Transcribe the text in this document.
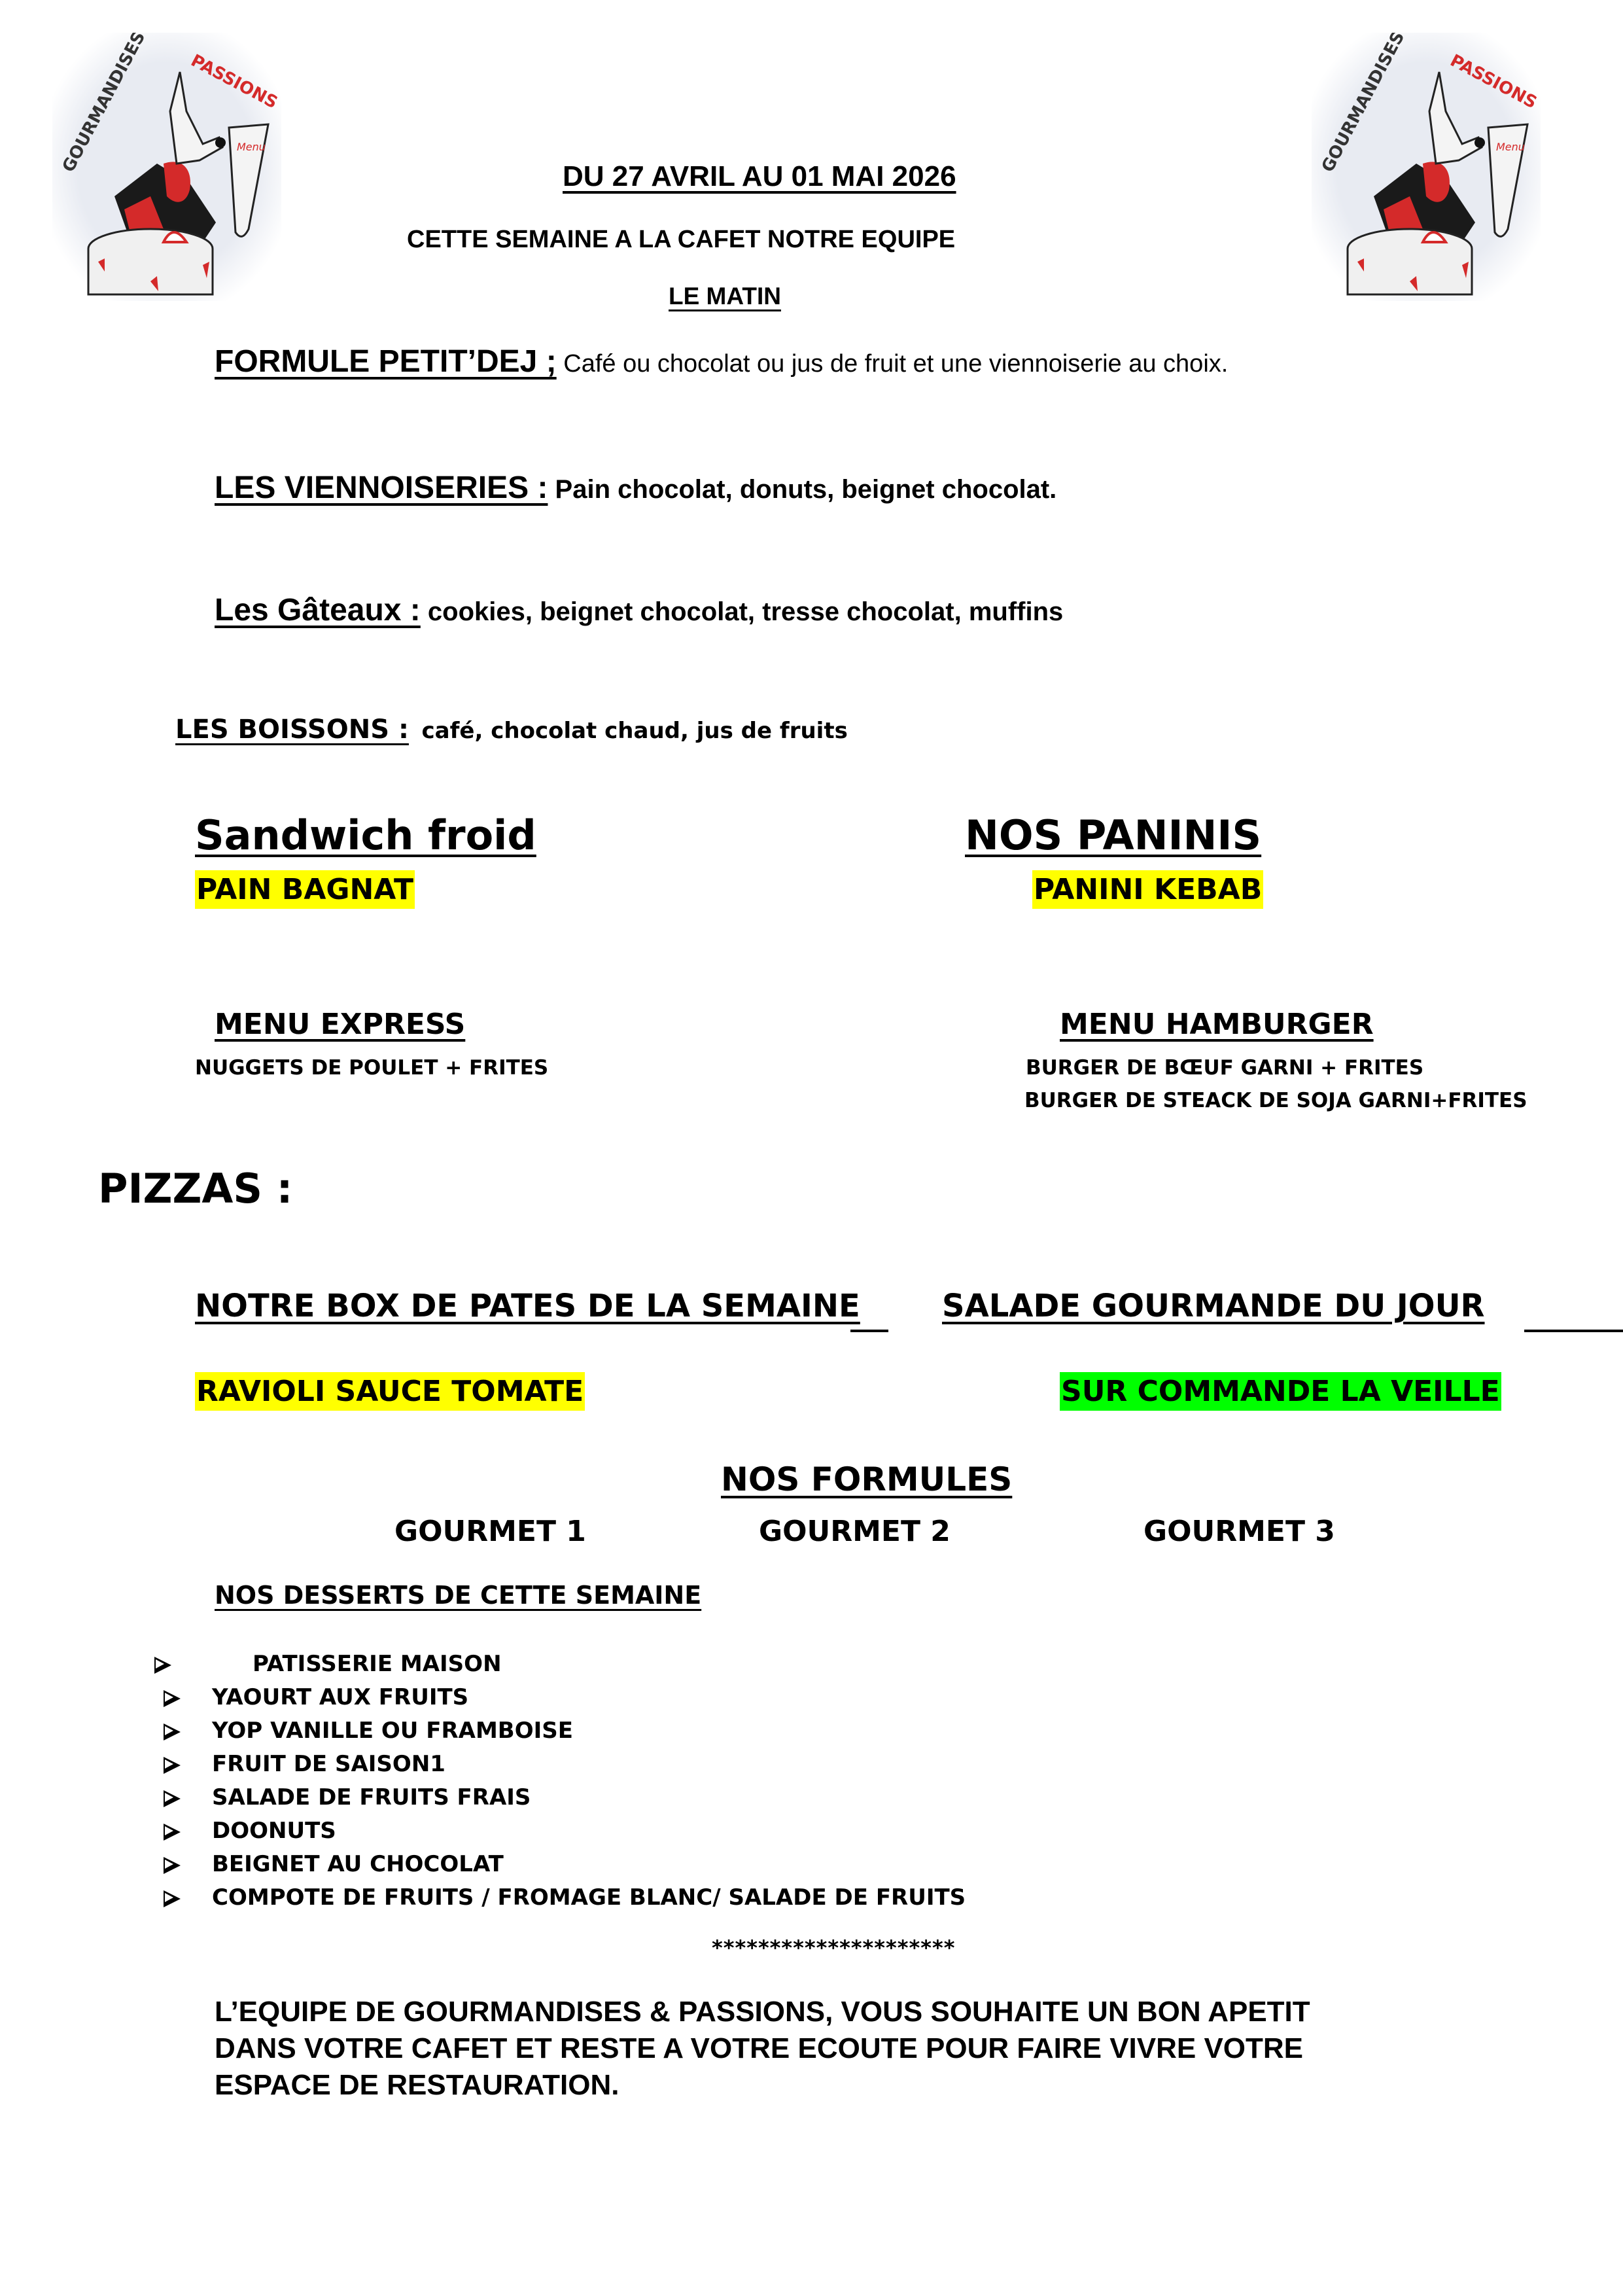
GOURMANDISES & PASSIONS
Menu	GOURMANDISES & PASSIONS
Menu
DU 27 AVRIL AU 01 MAI 2026
CETTE SEMAINE A LA CAFET NOTRE EQUIPE
LE MATIN
FORMULE PETIT’DEJ ; Café ou chocolat ou jus de fruit et une viennoiserie au choix.
LES VIENNOISERIES : Pain chocolat, donuts, beignet chocolat.
Les Gâteaux : cookies, beignet chocolat, tresse chocolat, muffins
LES BOISSONS : café, chocolat chaud, jus de fruits
Sandwich froid
PAIN BAGNAT
NOS PANINIS
PANINI KEBAB
MENU EXPRESS
NUGGETS DE POULET + FRITES
MENU HAMBURGER
BURGER DE BŒUF GARNI + FRITES
BURGER DE STEACK DE SOJA GARNI+FRITES
PIZZAS :
NOTRE BOX DE PATES DE LA SEMAINE	SALADE GOURMANDE DU JOUR
RAVIOLI SAUCE TOMATE	SUR COMMANDE LA VEILLE
NOS FORMULES
GOURMET 1	GOURMET 2	GOURMET 3
NOS DESSERTS DE CETTE SEMAINE
PATISSERIE MAISON
YAOURT AUX FRUITS
YOP VANILLE OU FRAMBOISE
FRUIT DE SAISON1
SALADE DE FRUITS FRAIS
DOONUTS
BEIGNET AU CHOCOLAT
COMPOTE DE FRUITS / FROMAGE BLANC/ SALADE DE FRUITS
*********************
L’EQUIPE DE GOURMANDISES & PASSIONS, VOUS SOUHAITE UN BON APETIT
DANS VOTRE CAFET ET RESTE A VOTRE ECOUTE POUR FAIRE VIVRE VOTRE
ESPACE DE RESTAURATION.
